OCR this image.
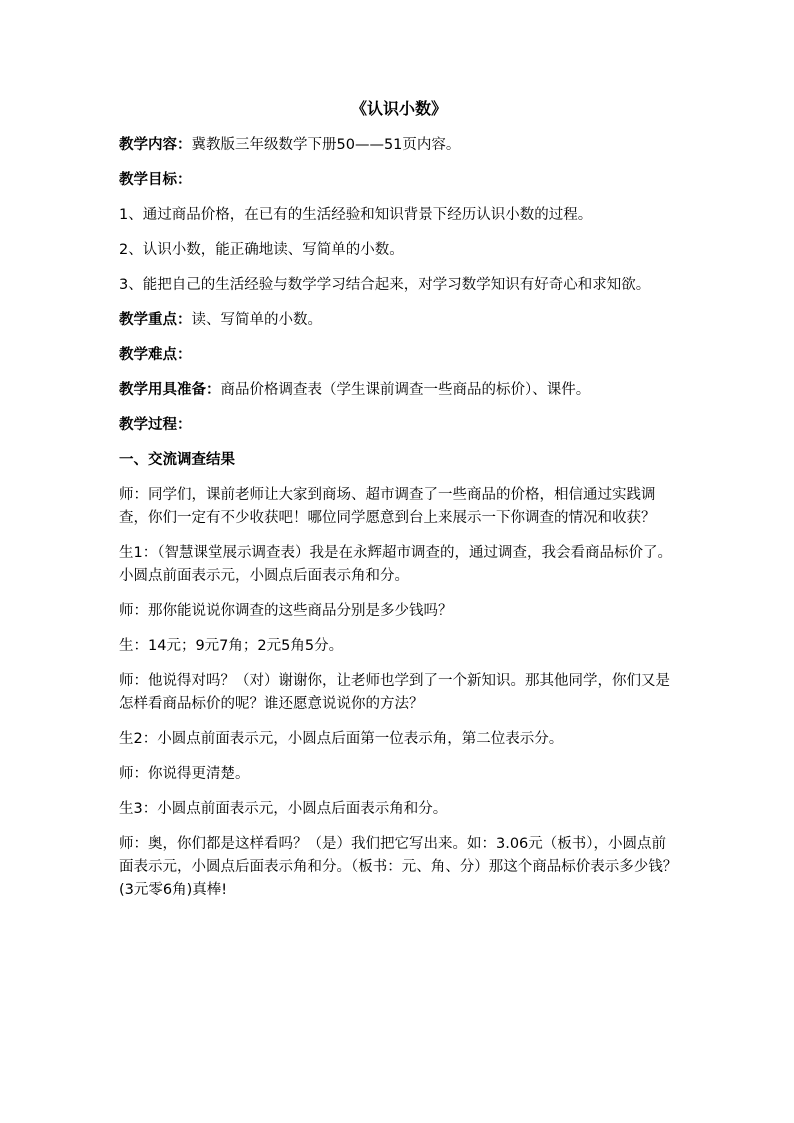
《认识小数》

教学内容：冀教版三年级数学下册50——51页内容。

教学目标：

1、通过商品价格，在已有的生活经验和知识背景下经历认识小数的过程。

2、认识小数，能正确地读、写简单的小数。

3、能把自己的生活经验与数学学习结合起来，对学习数学知识有好奇心和求知欲。

教学重点：读、写简单的小数。

教学难点：

教学用具准备：商品价格调查表（学生课前调查一些商品的标价）、课件。

教学过程：

一、交流调查结果

师：同学们，课前老师让大家到商场、超市调查了一些商品的价格，相信通过实践调查，你们一定有不少收获吧！哪位同学愿意到台上来展示一下你调查的情况和收获？

生1：（智慧课堂展示调查表）我是在永辉超市调查的，通过调查，我会看商品标价了。小圆点前面表示元，小圆点后面表示角和分。

师：那你能说说你调查的这些商品分别是多少钱吗？

生：14元；9元7角；2元5角5分。

师：他说得对吗？（对）谢谢你，让老师也学到了一个新知识。那其他同学，你们又是怎样看商品标价的呢？谁还愿意说说你的方法？

生2：小圆点前面表示元，小圆点后面第一位表示角，第二位表示分。

师：你说得更清楚。

生3：小圆点前面表示元，小圆点后面表示角和分。

师：奥，你们都是这样看吗？（是）我们把它写出来。如：3.06元（板书），小圆点前面表示元，小圆点后面表示角和分。（板书：元、角、分）那这个商品标价表示多少钱？(3元零6角)真棒!
